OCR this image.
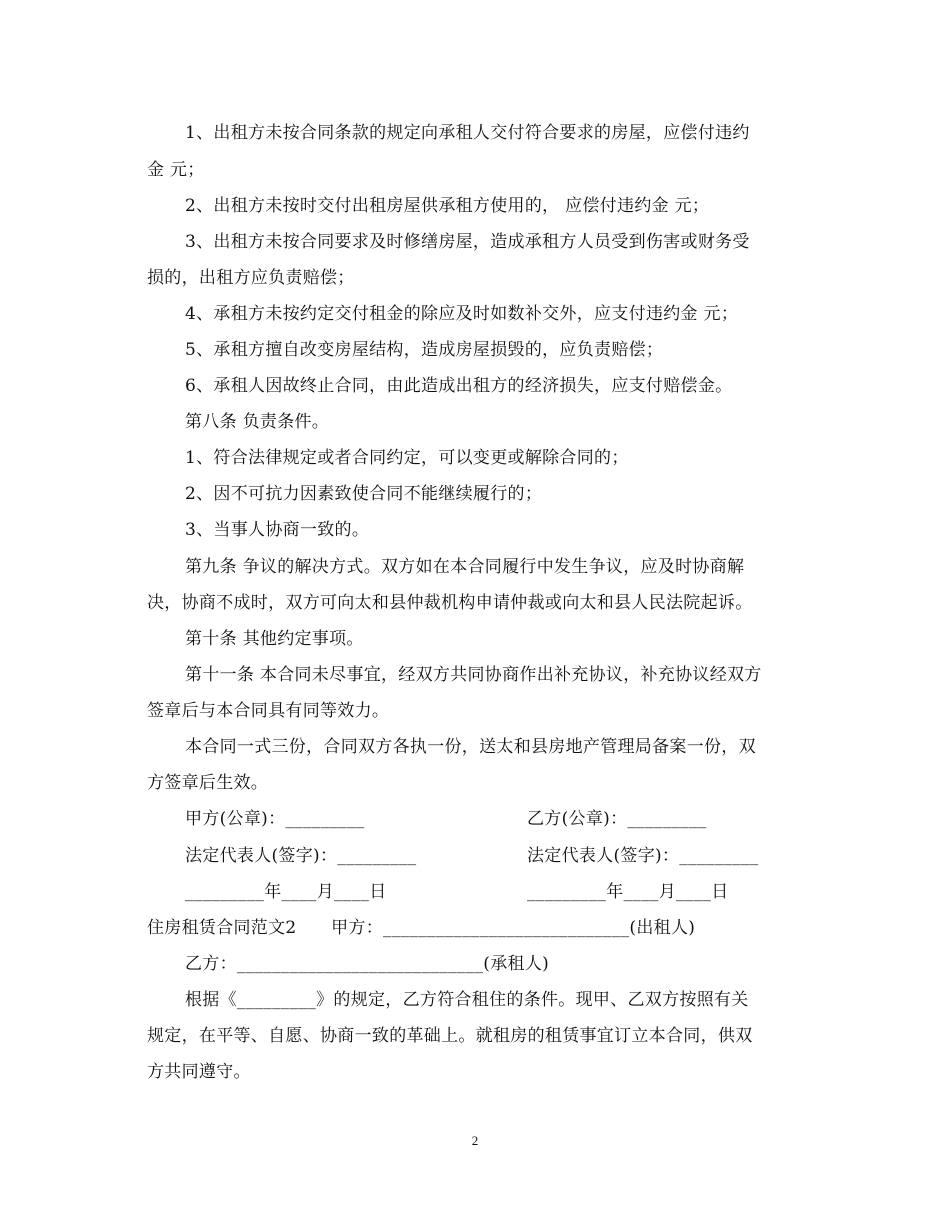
1、出租方未按合同条款的规定向承租人交付符合要求的房屋，应偿付违约
金 元；
2、出租方未按时交付出租房屋供承租方使用的， 应偿付违约金 元；
3、出租方未按合同要求及时修缮房屋，造成承租方人员受到伤害或财务受
损的，出租方应负责赔偿；
4、承租方未按约定交付租金的除应及时如数补交外，应支付违约金 元；
5、承租方擅自改变房屋结构，造成房屋损毁的，应负责赔偿；
6、承租人因故终止合同，由此造成出租方的经济损失，应支付赔偿金。
第八条 负责条件。
1、符合法律规定或者合同约定，可以变更或解除合同的；
2、因不可抗力因素致使合同不能继续履行的；
3、当事人协商一致的。
第九条 争议的解决方式。双方如在本合同履行中发生争议，应及时协商解
决，协商不成时，双方可向太和县仲裁机构申请仲裁或向太和县人民法院起诉。
第十条 其他约定事项。
第十一条 本合同未尽事宜，经双方共同协商作出补充协议，补充协议经双方
签章后与本合同具有同等效力。
本合同一式三份，合同双方各执一份，送太和县房地产管理局备案一份，双
方签章后生效。
甲方(公章)：_________	乙方(公章)：_________
法定代表人(签字)：_________	法定代表人(签字)：_________
_________年____月____日	_________年____月____日
住房租赁合同范文2　　甲方：____________________________(出租人)
乙方：____________________________(承租人)
根据《_________》的规定，乙方符合租住的条件。现甲、乙双方按照有关
规定，在平等、自愿、协商一致的革础上。就租房的租赁事宜订立本合同，供双
方共同遵守。
2
